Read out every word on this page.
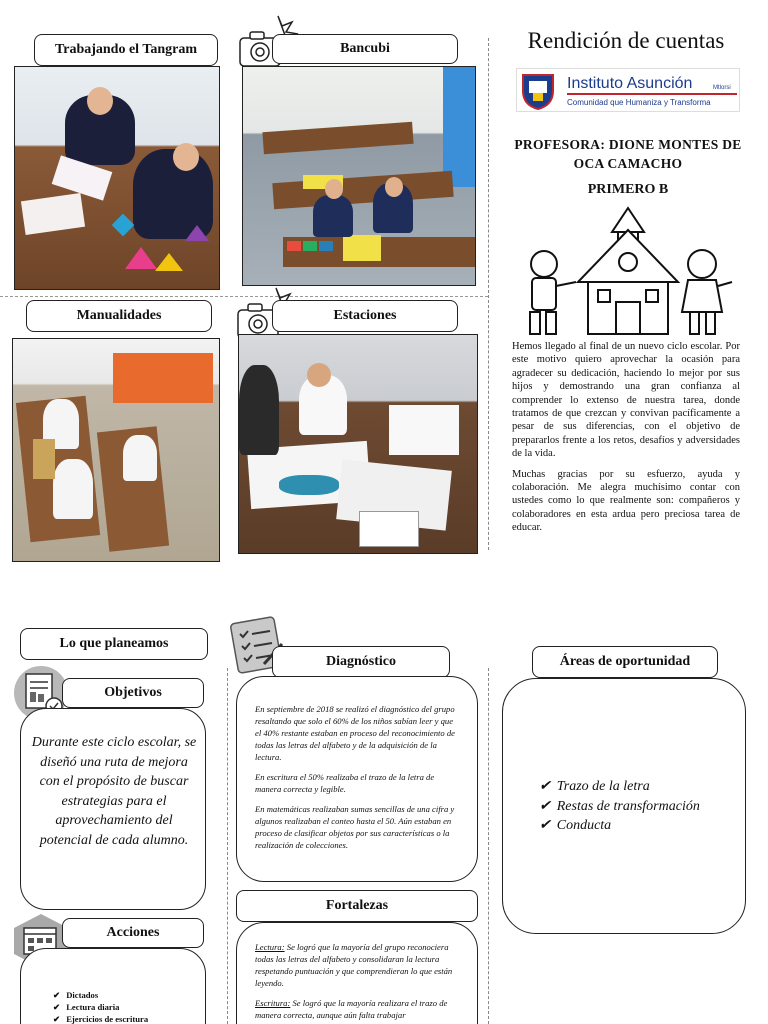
Trabajando el Tangram	Bancubi	Rendición de cuentas
Instituto Asunción	Mtlorsi
Comunidad que Humaniza y Transforma
PROFESORA: DIONE MONTES DE OCA CAMACHO
PRIMERO B

Hemos llegado al final de un nuevo ciclo escolar. Por este motivo quiero aprovechar la ocasión para agradecer su dedicación, haciendo lo mejor por sus hijos y demostrando una gran confianza al comprender lo extenso de nuestra tarea, donde tratamos de que crezcan y convivan pacíficamente a pesar de sus diferencias, con el objetivo de prepararlos frente a los retos, desafíos y adversidades de la vida.

Muchas gracias por su esfuerzo, ayuda y colaboración. Me alegra muchísimo contar con ustedes como lo que realmente son: compañeros y colaboradores en esta ardua pero preciosa tarea de educar.

Manualidades	Estaciones
Lo que planeamos
Objetivos
Durante este ciclo escolar, se diseñó una ruta de mejora con el propósito de buscar estrategias para el aprovechamiento del potencial de cada alumno.
Acciones
✔ Dictados
✔ Lectura diaria
✔ Ejercicios de escritura
Diagnóstico

En septiembre de 2018 se realizó el diagnóstico del grupo resaltando que solo el 60% de los niños sabían leer y que el 40% restante estaban en proceso del reconocimiento de todas las letras del alfabeto y de la adquisición de la lectura.

En escritura el 50% realizaba el trazo de la letra de manera correcta y legible.

En matemáticas realizaban sumas sencillas de una cifra y algunos realizaban el conteo hasta el 50. Aún estaban en proceso de clasificar objetos por sus características o la realización de colecciones.

Fortalezas

Lectura: Se logró que la mayoría del grupo reconociera todas las letras del alfabeto y consolidaran la lectura respetando puntuación y que comprendieran lo que están leyendo.

Escritura: Se logró que la mayoría realizara el trazo de manera correcta, aunque aún falta trabajar

Áreas de oportunidad
✔ Trazo de la letra
✔ Restas de transformación
✔ Conducta
